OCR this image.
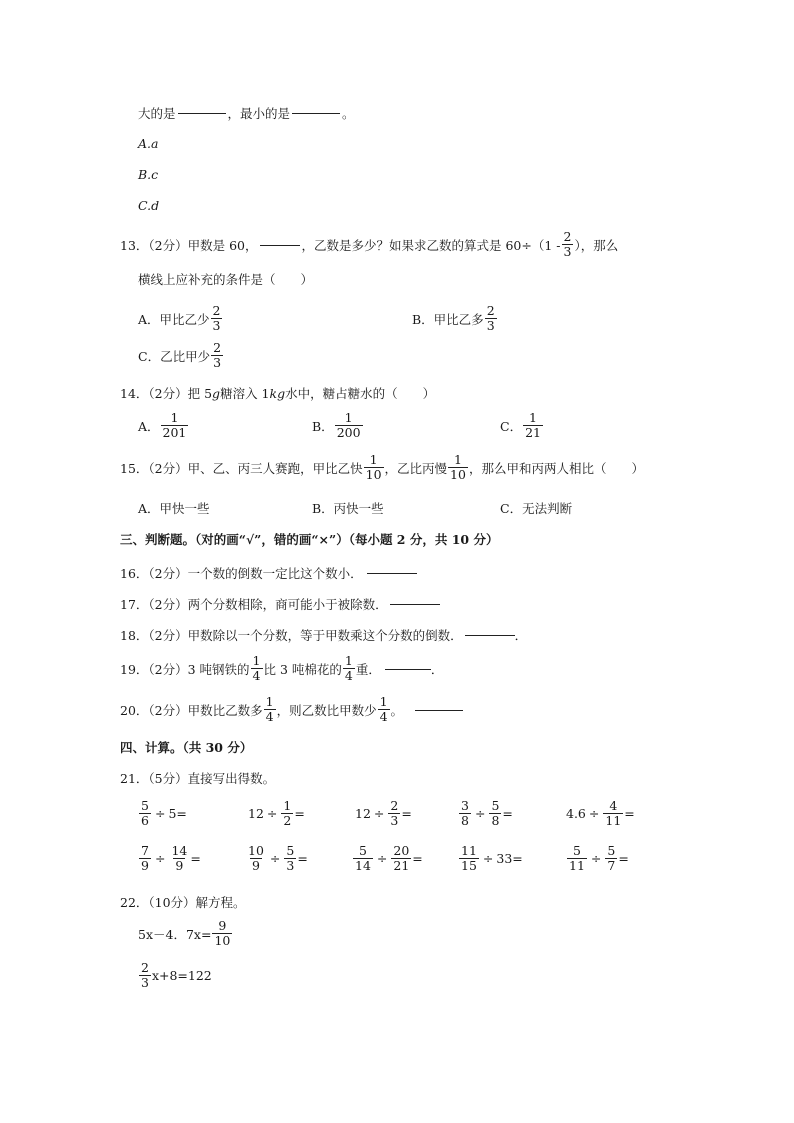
大的是	，最小的是	。
A.a
B.c
C.d
13．（2分）甲数是 60，	，乙数是多少？如果求乙数的算式是 $60\div(1 - \frac{2}{3}$ ），那么
横线上应补充的条件是（　　）
A．甲比乙少 $\frac{2}{3}$	B．甲比乙多 $\frac{2}{3}$
C．乙比甲少 $\frac{2}{3}$
14．（2分）把 5 g 糖溶入 1 kg 水中，糖占糖水的（　　）
A． $\frac{1}{201}$	B． $\frac{1}{200}$	C． $\frac{1}{21}$
15．（2分）甲、乙、丙三人赛跑，甲比乙快 $\frac{1}{10}$ ，乙比丙慢 $\frac{1}{10}$ ，那么甲和丙两人相比（　　）
A．甲快一些	B．丙快一些	C．无法判断
三、判断题。（对的画“√”，错的画“×”）（每小题 2 分，共 10 分）
16．（2分）一个数的倒数一定比这个数小．
17．（2分）两个分数相除，商可能小于被除数．
18．（2分）甲数除以一个分数，等于甲数乘这个分数的倒数．	．
19．（2分）3 吨钢铁的 $\frac{1}{4}$ 比 3 吨棉花的 $\frac{1}{4}$ 重．	．
20．（2分）甲数比乙数多 $\frac{1}{4}$ ，则乙数比甲数少 $\frac{1}{4}$ 。
四、计算。（共 30 分）
21．（5分）直接写出得数。
$\frac{5}{6} \div 5$ =	$12 \div \frac{1}{2}$ =	$12 \div \frac{2}{3}$ =	$\frac{3}{8} \div \frac{5}{8}$ =	$4.6 \div \frac{4}{11}$ =
$\frac{7}{9} \div \frac{14}{9}$ =	$\frac{10}{9} \div \frac{5}{3}$ =	$\frac{5}{14} \div \frac{20}{21}$ =	$\frac{11}{15} \div 33$ =	$\frac{5}{11} \div \frac{5}{7}$ =
22．（10分）解方程。
5x－4．$7x= \frac{9}{10}$
$\frac{2}{3} x+8=122$
